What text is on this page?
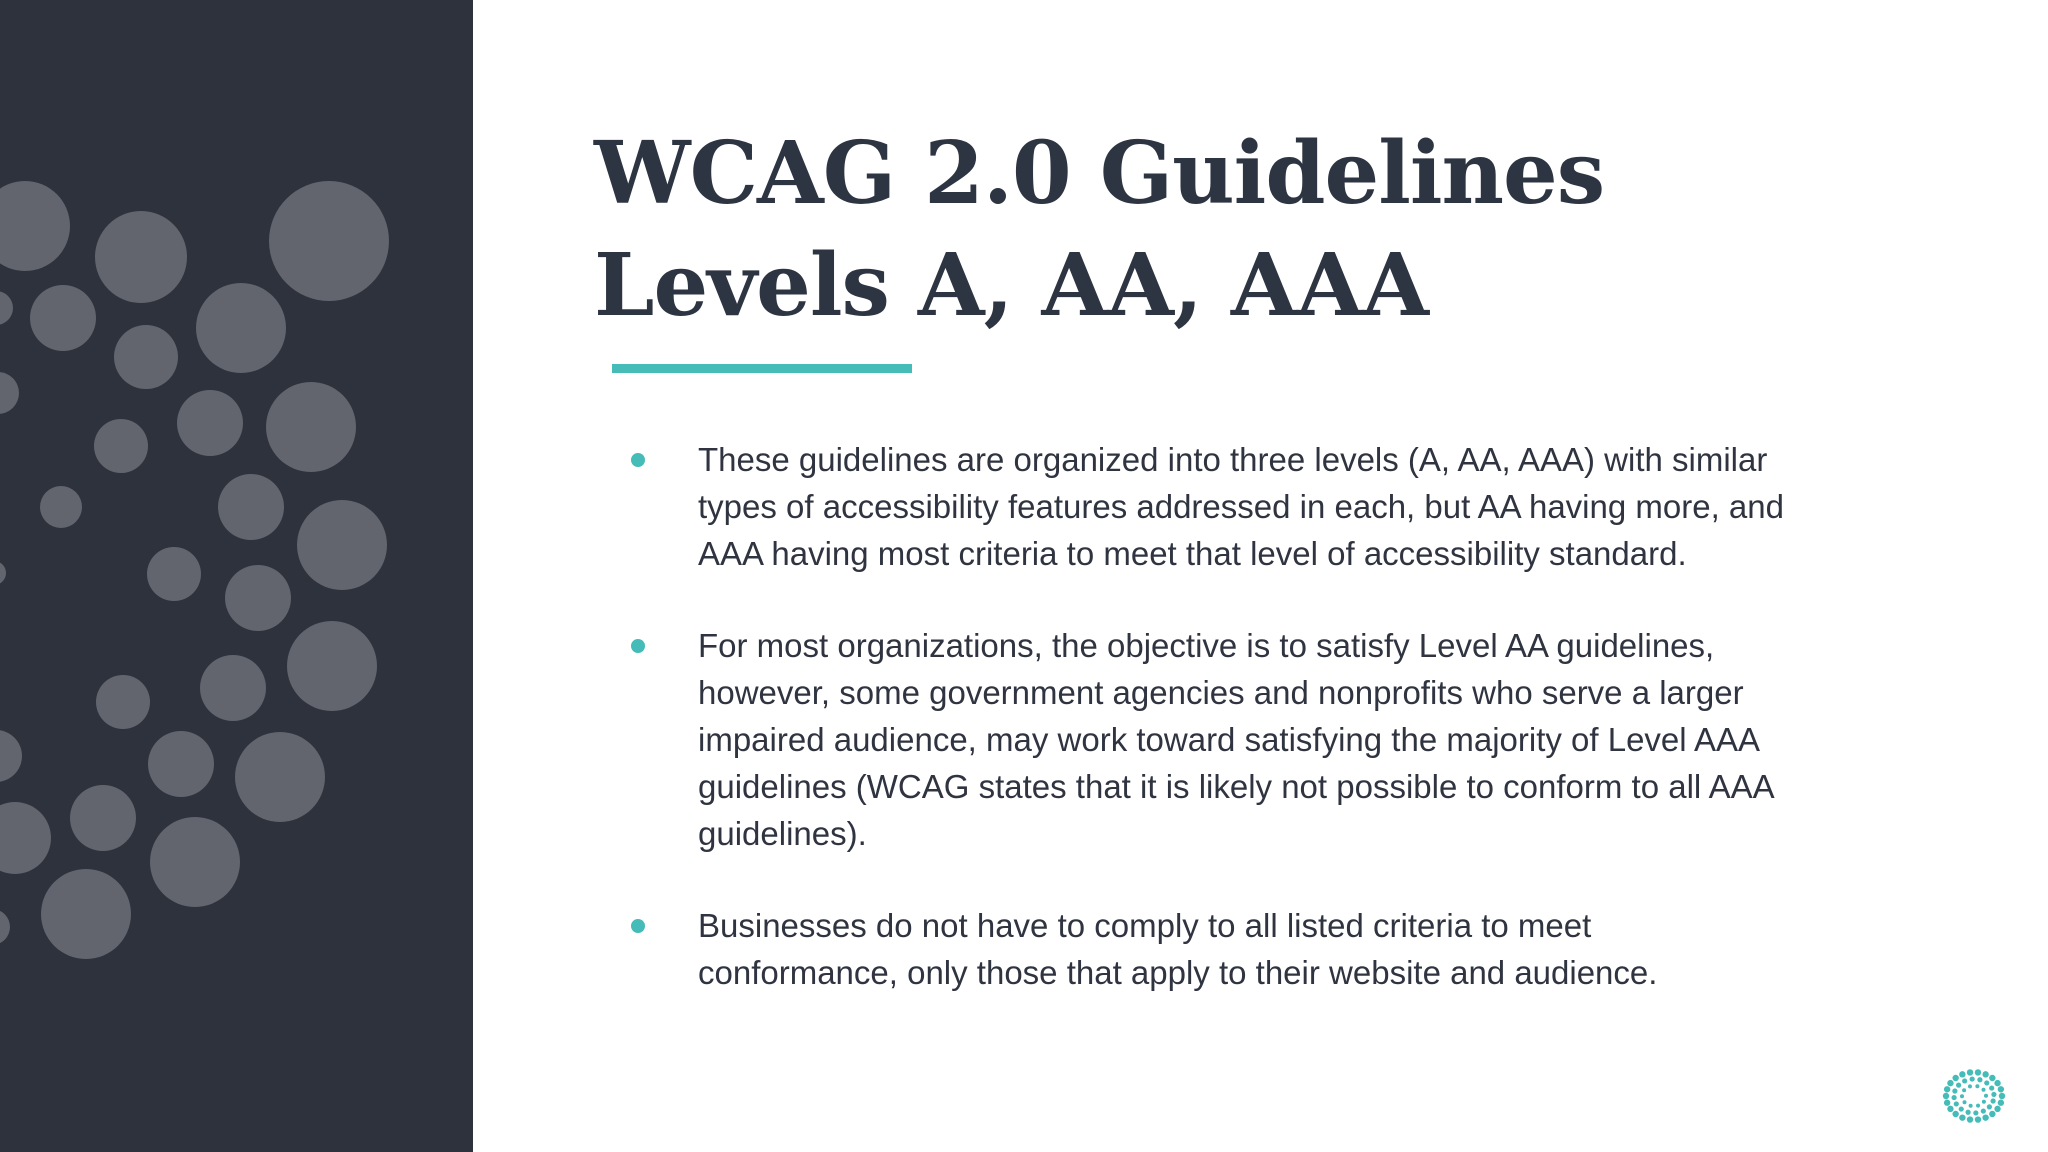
WCAG 2.0 Guidelines Levels A, AA, AAA
These guidelines are organized into three levels (A, AA, AAA) with similar types of accessibility features addressed in each, but AA having more, and AAA having most criteria to meet that level of accessibility standard.
For most organizations, the objective is to satisfy Level AA guidelines, however, some government agencies and nonprofits who serve a larger impaired audience, may work toward satisfying the majority of Level AAA guidelines (WCAG states that it is likely not possible to conform to all AAA guidelines).
Businesses do not have to comply to all listed criteria to meet conformance, only those that apply to their website and audience.
